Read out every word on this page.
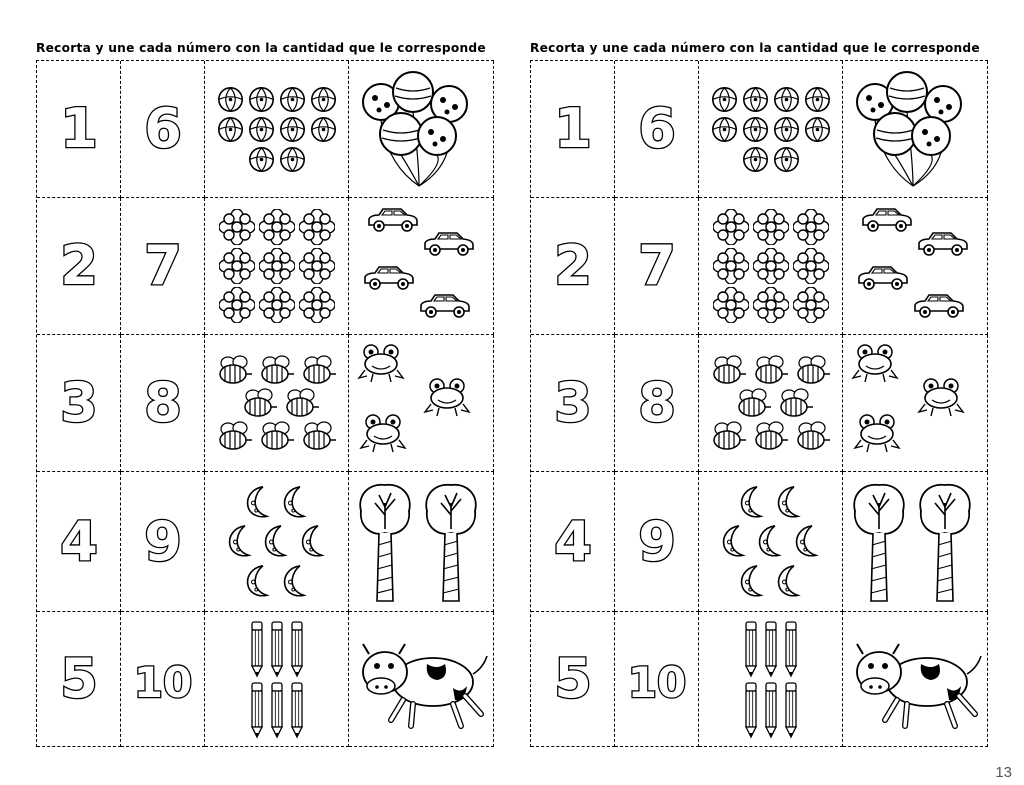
Recorta y une cada número con la cantidad que le corresponde
1 6
2 7
3 8
4 9
5 10
Recorta y une cada número con la cantidad que le corresponde
1 6
2 7
3 8
4 9
5 10
13
